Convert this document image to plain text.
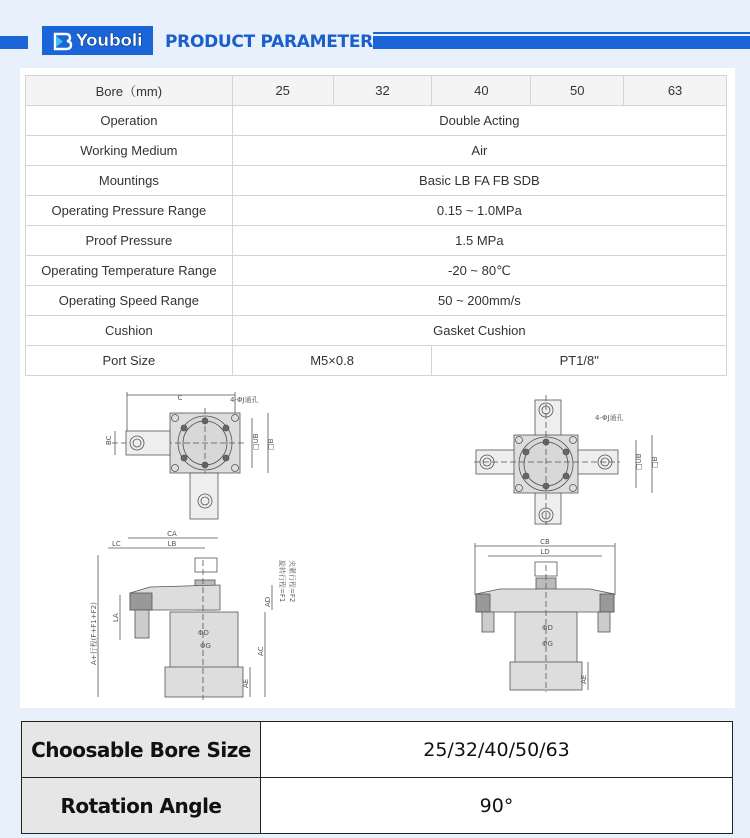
Youboli PRODUCT PARAMETER
Bore（mm)	25	32	40	50	63
Operation	Double Acting				
Working Medium	Air				
Mountings	Basic LB FA FB SDB				
Operating Pressure Range	0.15 ~ 1.0MPa				
Proof Pressure	1.5 MPa				
Operating Temperature Range	-20 ~ 80℃				
Operating Speed Range	50 ~ 200mm/s				
Cushion	Gasket Cushion				
Port Size	M5×0.8		PT1/8"		
C	4-ΦJ通孔
BC	□UB □B
4-ΦJ通孔
□UB □B
CA
LC	LB
ΦG
ΦD
A+行程(F+F1+F2) LA
AD
AC
AE
旋转行程=F1 夹紧行程=F2
CB
LD
ΦD
ΦG
AE
Choosable Bore Size	25/32/40/50/63
Rotation Angle	90°
